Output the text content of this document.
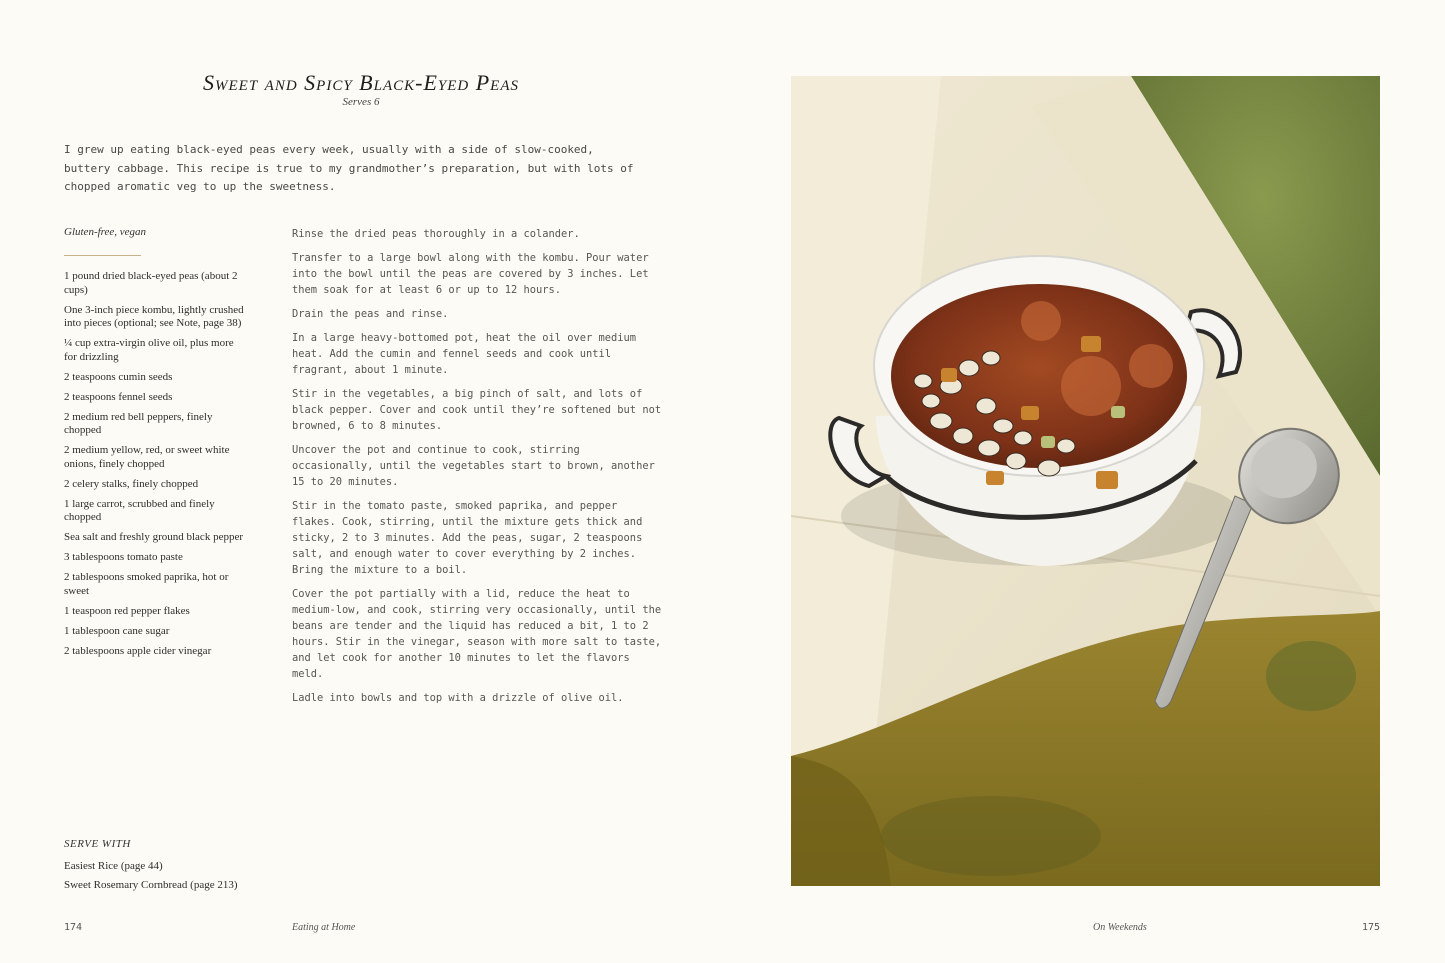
Sweet and Spicy Black-Eyed Peas
Serves 6

I grew up eating black-eyed peas every week, usually with a side of slow-cooked, buttery cabbage. This recipe is true to my grandmother’s preparation, but with lots of chopped aromatic veg to up the sweetness.

Gluten-free, vegan
1 pound dried black-eyed peas (about 2 cups)
One 3-inch piece kombu, lightly crushed into pieces (optional; see Note, page 38)
¼ cup extra-virgin olive oil, plus more for drizzling
2 teaspoons cumin seeds
2 teaspoons fennel seeds
2 medium red bell peppers, finely chopped
2 medium yellow, red, or sweet white onions, finely chopped
2 celery stalks, finely chopped
1 large carrot, scrubbed and finely chopped
Sea salt and freshly ground black pepper
3 tablespoons tomato paste
2 tablespoons smoked paprika, hot or sweet
1 teaspoon red pepper flakes
1 tablespoon cane sugar
2 tablespoons apple cider vinegar
Rinse the dried peas thoroughly in a colander.
Transfer to a large bowl along with the kombu. Pour water into the bowl until the peas are covered by 3 inches. Let them soak for at least 6 or up to 12 hours.
Drain the peas and rinse.
In a large heavy-bottomed pot, heat the oil over medium heat. Add the cumin and fennel seeds and cook until fragrant, about 1 minute.
Stir in the vegetables, a big pinch of salt, and lots of black pepper. Cover and cook until they’re softened but not browned, 6 to 8 minutes.
Uncover the pot and continue to cook, stirring occasionally, until the vegetables start to brown, another 15 to 20 minutes.
Stir in the tomato paste, smoked paprika, and pepper flakes. Cook, stirring, until the mixture gets thick and sticky, 2 to 3 minutes. Add the peas, sugar, 2 teaspoons salt, and enough water to cover everything by 2 inches. Bring the mixture to a boil.
Cover the pot partially with a lid, reduce the heat to medium-low, and cook, stirring very occasionally, until the beans are tender and the liquid has reduced a bit, 1 to 2 hours. Stir in the vinegar, season with more salt to taste, and let cook for another 10 minutes to let the flavors meld.
Ladle into bowls and top with a drizzle of olive oil.
SERVE WITH
Easiest Rice (page 44)
Sweet Rosemary Cornbread (page 213)
174	Eating at Home	On Weekends	175
